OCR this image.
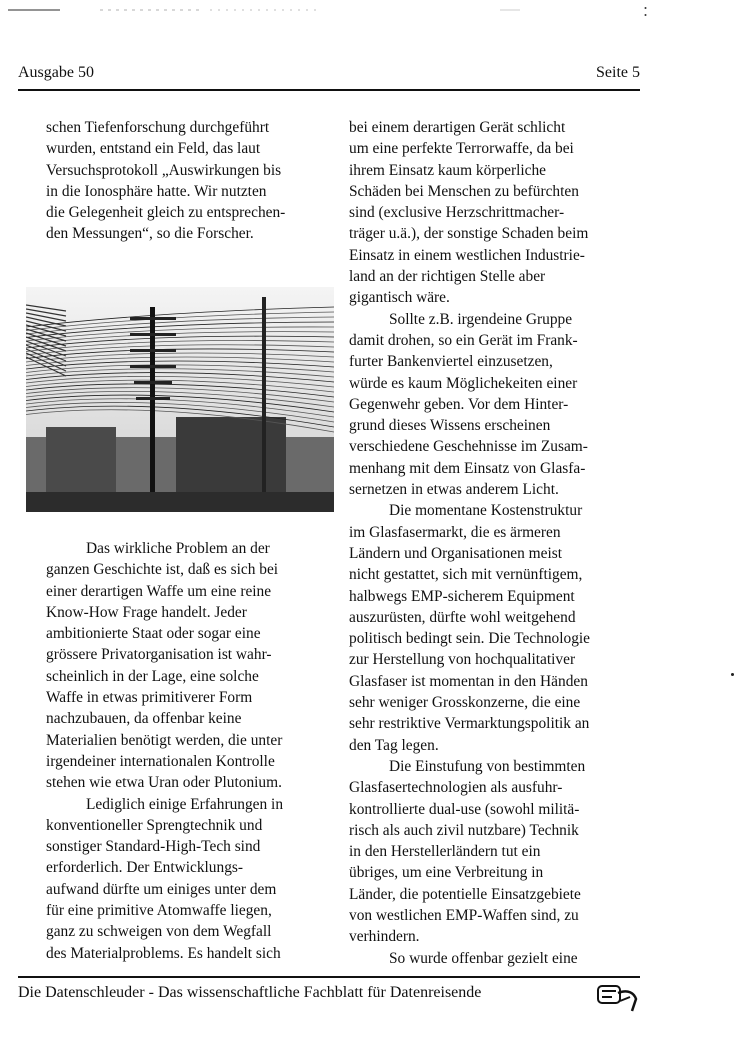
Ausgabe 50	Seite 5

schen Tiefenforschung durchgeführt
wurden, entstand ein Feld, das laut
Versuchsprotokoll „Auswirkungen bis
in die Ionosphäre hatte. Wir nutzten
die Gelegenheit gleich zu entsprechen-
den Messungen“, so die Forscher.

Das wirkliche Problem an der
ganzen Geschichte ist, daß es sich bei
einer derartigen Waffe um eine reine
Know-How Frage handelt. Jeder
ambitionierte Staat oder sogar eine
grössere Privatorganisation ist wahr-
scheinlich in der Lage, eine solche
Waffe in etwas primitiverer Form
nachzubauen, da offenbar keine
Materialien benötigt werden, die unter
irgendeiner internationalen Kontrolle
stehen wie etwa Uran oder Plutonium.

Lediglich einige Erfahrungen in
konventioneller Sprengtechnik und
sonstiger Standard-High-Tech sind
erforderlich. Der Entwicklungs-
aufwand dürfte um einiges unter dem
für eine primitive Atomwaffe liegen,
ganz zu schweigen von dem Wegfall
des Materialproblems. Es handelt sich

bei einem derartigen Gerät schlicht
um eine perfekte Terrorwaffe, da bei
ihrem Einsatz kaum körperliche
Schäden bei Menschen zu befürchten
sind (exclusive Herzschrittmacher-
träger u.ä.), der sonstige Schaden beim
Einsatz in einem westlichen Industrie-
land an der richtigen Stelle aber
gigantisch wäre.

Sollte z.B. irgendeine Gruppe
damit drohen, so ein Gerät im Frank-
furter Bankenviertel einzusetzen,
würde es kaum Möglichekeiten einer
Gegenwehr geben. Vor dem Hinter-
grund dieses Wissens erscheinen
verschiedene Geschehnisse im Zusam-
menhang mit dem Einsatz von Glasfa-
sernetzen in etwas anderem Licht.

Die momentane Kostenstruktur
im Glasfasermarkt, die es ärmeren
Ländern und Organisationen meist
nicht gestattet, sich mit vernünftigem,
halbwegs EMP-sicherem Equipment
auszurüsten, dürfte wohl weitgehend
politisch bedingt sein. Die Technologie
zur Herstellung von hochqualitativer
Glasfaser ist momentan in den Händen
sehr weniger Grosskonzerne, die eine
sehr restriktive Vermarktungspolitik an
den Tag legen.

Die Einstufung von bestimmten
Glasfasertechnologien als ausfuhr-
kontrollierte dual-use (sowohl militä-
risch als auch zivil nutzbare) Technik
in den Herstellerländern tut ein
übriges, um eine Verbreitung in
Länder, die potentielle Einsatzgebiete
von westlichen EMP-Waffen sind, zu
verhindern.

So wurde offenbar gezielt eine

Die Datenschleuder - Das wissenschaftliche Fachblatt für Datenreisende
